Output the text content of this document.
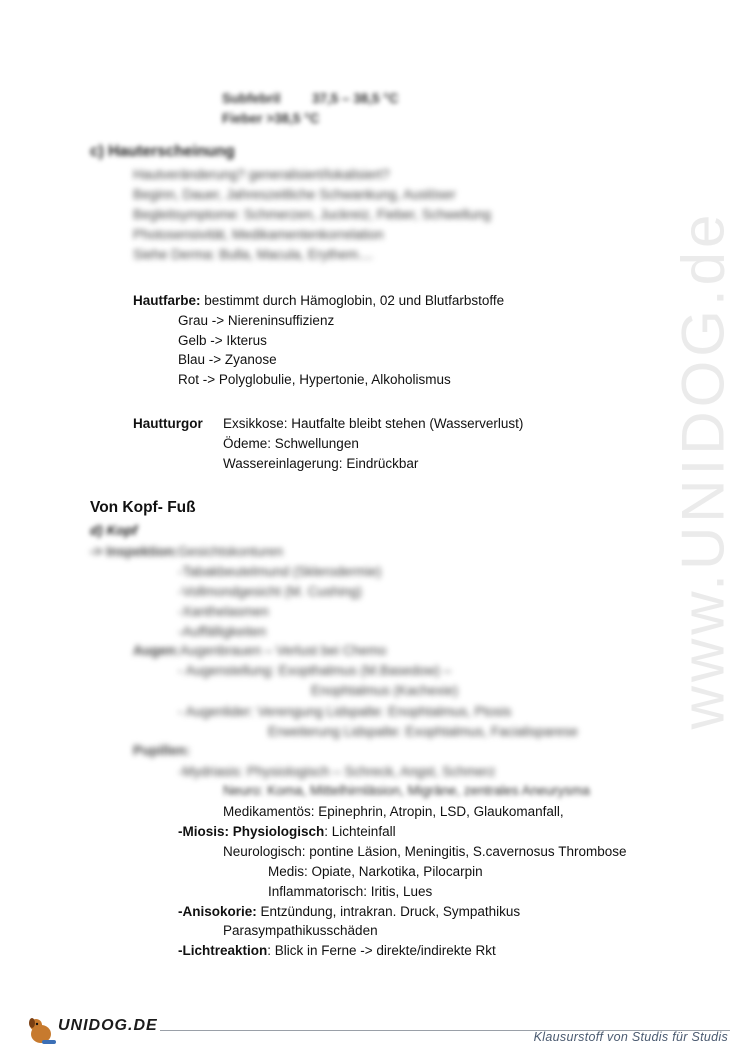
www.UNIDOG.de
Subfebril 37,5 – 38,5 °C
Fieber >38,5 °C
c) Hauterscheinung
Hautveränderung? generalisiert/lokalisiert?
Beginn, Dauer, Jahreszeitliche Schwankung, Auslöser
Begleitsymptome: Schmerzen, Juckreiz, Fieber, Schwellung
Photosensivität, Medikamentenkorrelation
Siehe Derma: Bulla, Macula, Erythem....
Hautfarbe: bestimmt durch Hämoglobin, 02 und Blutfarbstoffe
Grau -> Niereninsuffizienz
Gelb -> Ikterus
Blau -> Zyanose
Rot -> Polyglobulie, Hypertonie, Alkoholismus
Hautturgor Exsikkose: Hautfalte bleibt stehen (Wasserverlust)
Ödeme: Schwellungen
Wassereinlagerung: Eindrückbar
Von Kopf- Fuß
d) Kopf
-> Inspektion: Gesichtskonturen
-Tabakbeutelmund (Sklerodermie)
-Vollmondgesicht (M. Cushing)
-Xanthelasmen
-Auffälligkeiten
Augen: Augenbrauen – Verlust bei Chemo
- Augenstellung: Exopthalmus (M.Basedow) –
Enophtalmus (Kachexie)
- Augenlider: Verengung Lidspalte: Enophtalmus, Ptosis
Erweiterung Lidspalte: Exophtalmus, Facialisparese
Pupillen:
-Mydriasis: Physiologisch – Schreck, Angst, Schmerz
Neuro: Koma, Mittelhirnläsion, Migräne, zentrales Aneurysma
Medikamentös: Epinephrin, Atropin, LSD, Glaukomanfall,
-Miosis: Physiologisch: Lichteinfall
Neurologisch: pontine Läsion, Meningitis, S.cavernosus Thrombose
Medis: Opiate, Narkotika, Pilocarpin
Inflammatorisch: Iritis, Lues
-Anisokorie: Entzündung, intrakran. Druck, Sympathikus
Parasympathikusschäden
-Lichtreaktion: Blick in Ferne -> direkte/indirekte Rkt
UNIDOG.DE
Klausurstoff von Studis für Studis
